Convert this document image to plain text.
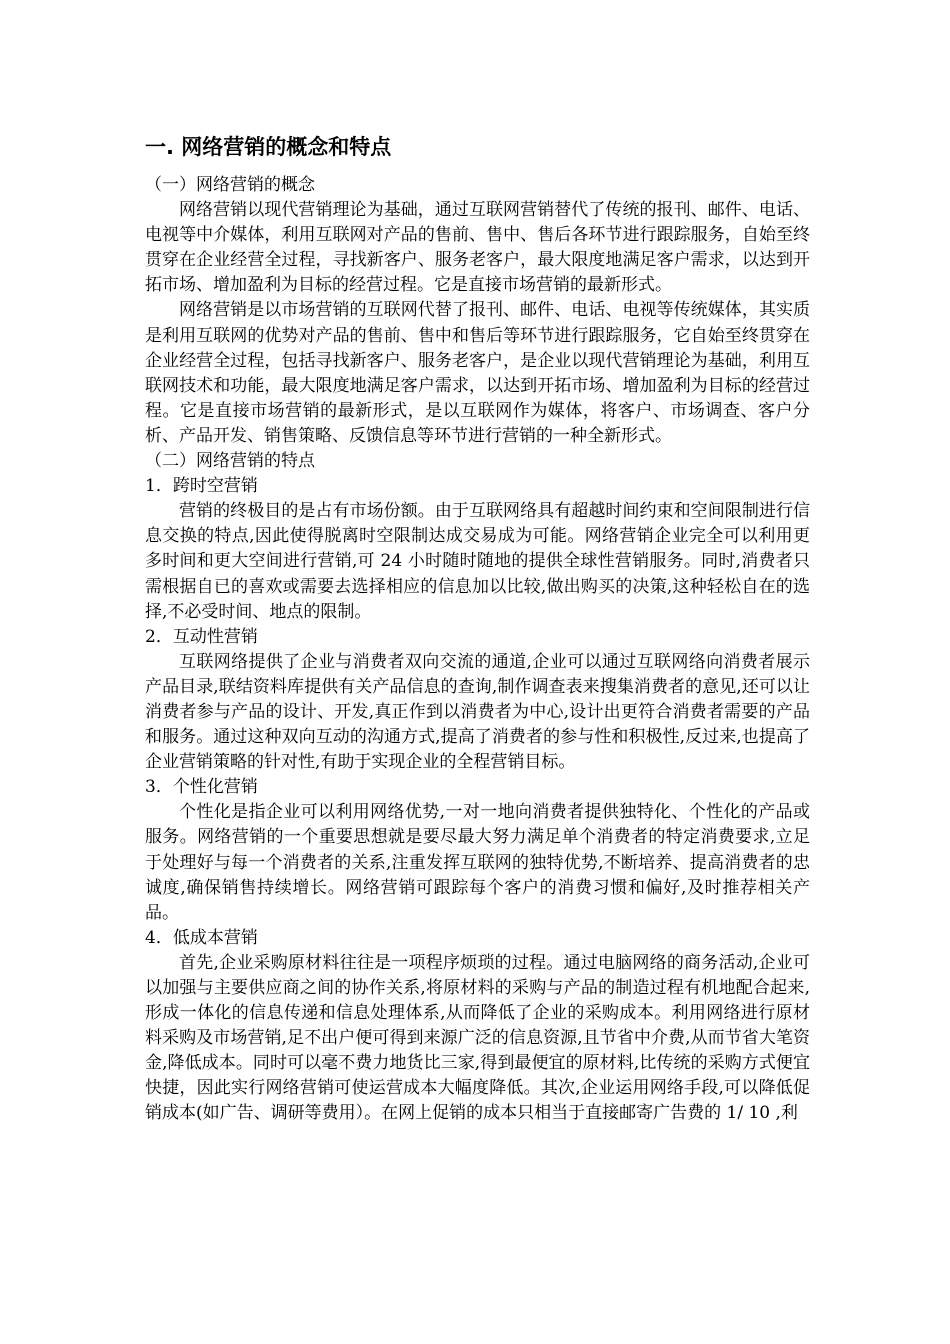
一. 网络营销的概念和特点

（一）网络营销的概念

网络营销以现代营销理论为基础，通过互联网营销替代了传统的报刊、邮件、电话、电视等中介媒体，利用互联网对产品的售前、售中、售后各环节进行跟踪服务，自始至终贯穿在企业经营全过程，寻找新客户、服务老客户，最大限度地满足客户需求，以达到开拓市场、增加盈利为目标的经营过程。它是直接市场营销的最新形式。

网络营销是以市场营销的互联网代替了报刊、邮件、电话、电视等传统媒体，其实质是利用互联网的优势对产品的售前、售中和售后等环节进行跟踪服务，它自始至终贯穿在企业经营全过程，包括寻找新客户、服务老客户，是企业以现代营销理论为基础，利用互联网技术和功能，最大限度地满足客户需求，以达到开拓市场、增加盈利为目标的经营过程。它是直接市场营销的最新形式，是以互联网作为媒体，将客户、市场调查、客户分析、产品开发、销售策略、反馈信息等环节进行营销的一种全新形式。

（二）网络营销的特点

1．跨时空营销

营销的终极目的是占有市场份额。由于互联网络具有超越时间约束和空间限制进行信息交换的特点,因此使得脱离时空限制达成交易成为可能。网络营销企业完全可以利用更多时间和更大空间进行营销,可 24 小时随时随地的提供全球性营销服务。同时,消费者只需根据自已的喜欢或需要去选择相应的信息加以比较,做出购买的决策,这种轻松自在的选择,不必受时间、地点的限制。

2．互动性营销

互联网络提供了企业与消费者双向交流的通道,企业可以通过互联网络向消费者展示产品目录,联结资料库提供有关产品信息的查询,制作调查表来搜集消费者的意见,还可以让消费者参与产品的设计、开发,真正作到以消费者为中心,设计出更符合消费者需要的产品和服务。通过这种双向互动的沟通方式,提高了消费者的参与性和积极性,反过来,也提高了企业营销策略的针对性,有助于实现企业的全程营销目标。

3．个性化营销

个性化是指企业可以利用网络优势,一对一地向消费者提供独特化、个性化的产品或服务。网络营销的一个重要思想就是要尽最大努力满足单个消费者的特定消费要求,立足于处理好与每一个消费者的关系,注重发挥互联网的独特优势,不断培养、提高消费者的忠诚度,确保销售持续增长。网络营销可跟踪每个客户的消费习惯和偏好,及时推荐相关产品。

4．低成本营销

首先,企业采购原材料往往是一项程序烦琐的过程。通过电脑网络的商务活动,企业可以加强与主要供应商之间的协作关系,将原材料的采购与产品的制造过程有机地配合起来,形成一体化的信息传递和信息处理体系,从而降低了企业的采购成本。利用网络进行原材料采购及市场营销,足不出户便可得到来源广泛的信息资源,且节省中介费,从而节省大笔资金,降低成本。同时可以毫不费力地货比三家,得到最便宜的原材料,比传统的采购方式便宜快捷，因此实行网络营销可使运营成本大幅度降低。其次,企业运用网络手段,可以降低促销成本(如广告、调研等费用）。在网上促销的成本只相当于直接邮寄广告费的 1/ 10 ,利
